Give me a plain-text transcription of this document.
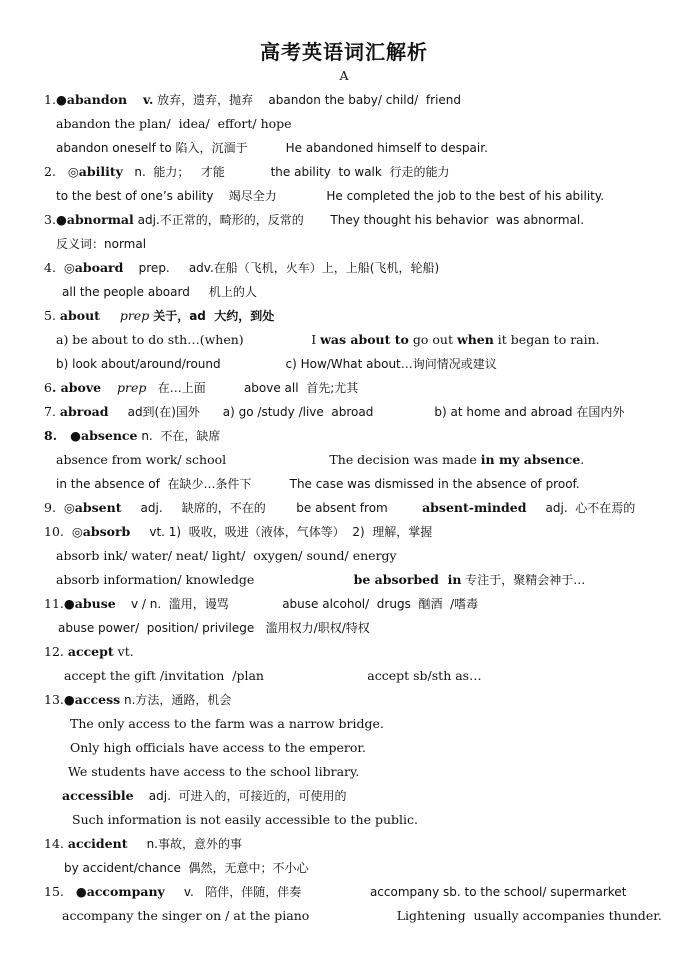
高考英语词汇解析
A
1.●abandon v. 放弃，遗弃，抛弃    abandon the baby/ child/  friend
abandon the plan/  idea/  effort/ hope
abandon oneself to 陷入，沉湎于          He abandoned himself to despair.
2.   ◎ability   n.  能力；   才能            the ability  to walk  行走的能力
to the best of one’s ability    竭尽全力             He completed the job to the best of his ability.
3.●abnormal adj.不正常的，畸形的，反常的       They thought his behavior  was abnormal.
反义词：normal
4.  ◎aboard    prep.     adv.在船（飞机，火车）上，上船(飞机，轮船)
all the people aboard     机上的人
5. about prep 关于，ad  大约，到处
a) be about to do sth…(when)                 I was about to go out when it began to rain.
b) look about/around/round                 c) How/What about…询问情况或建议
6. above prep   在…上面          above all  首先;尤其
7. abroad     ad到(在)国外      a) go /study /live  abroad                b) at home and abroad 在国内外
8.   ●absence n.  不在，缺席
absence from work/ school                          The decision was made in my absence.
in the absence of  在缺少…条件下          The case was dismissed in the absence of proof.
9.  ◎absent     adj.     缺席的，不在的        be absent from         absent-minded     adj.  心不在焉的
10.  ◎absorb     vt. 1)  吸收，吸进（液体，气体等）  2)  理解，掌握
absorb ink/ water/ neat/ light/  oxygen/ sound/ energy
absorb information/ knowledge                         be absorbed  in 专注于，聚精会神于…
11.●abuse    v / n.  滥用，谩骂              abuse alcohol/  drugs  酗酒  /嗜毒
abuse power/  position/ privilege   滥用权力/职权/特权
12. accept vt.
accept the gift /invitation  /plan                          accept sb/sth as…
13.●access n.方法，通路，机会
The only access to the farm was a narrow bridge.
Only high officials have access to the emperor.
We students have access to the school library.
accessible    adj.  可进入的，可接近的，可使用的
Such information is not easily accessible to the public.
14. accident     n.事故，意外的事
by accident/chance  偶然，无意中；不小心
15.   ●accompany     v.   陪伴，伴随，伴奏                  accompany sb. to the school/ supermarket
accompany the singer on / at the piano                      Lightening  usually accompanies thunder.
